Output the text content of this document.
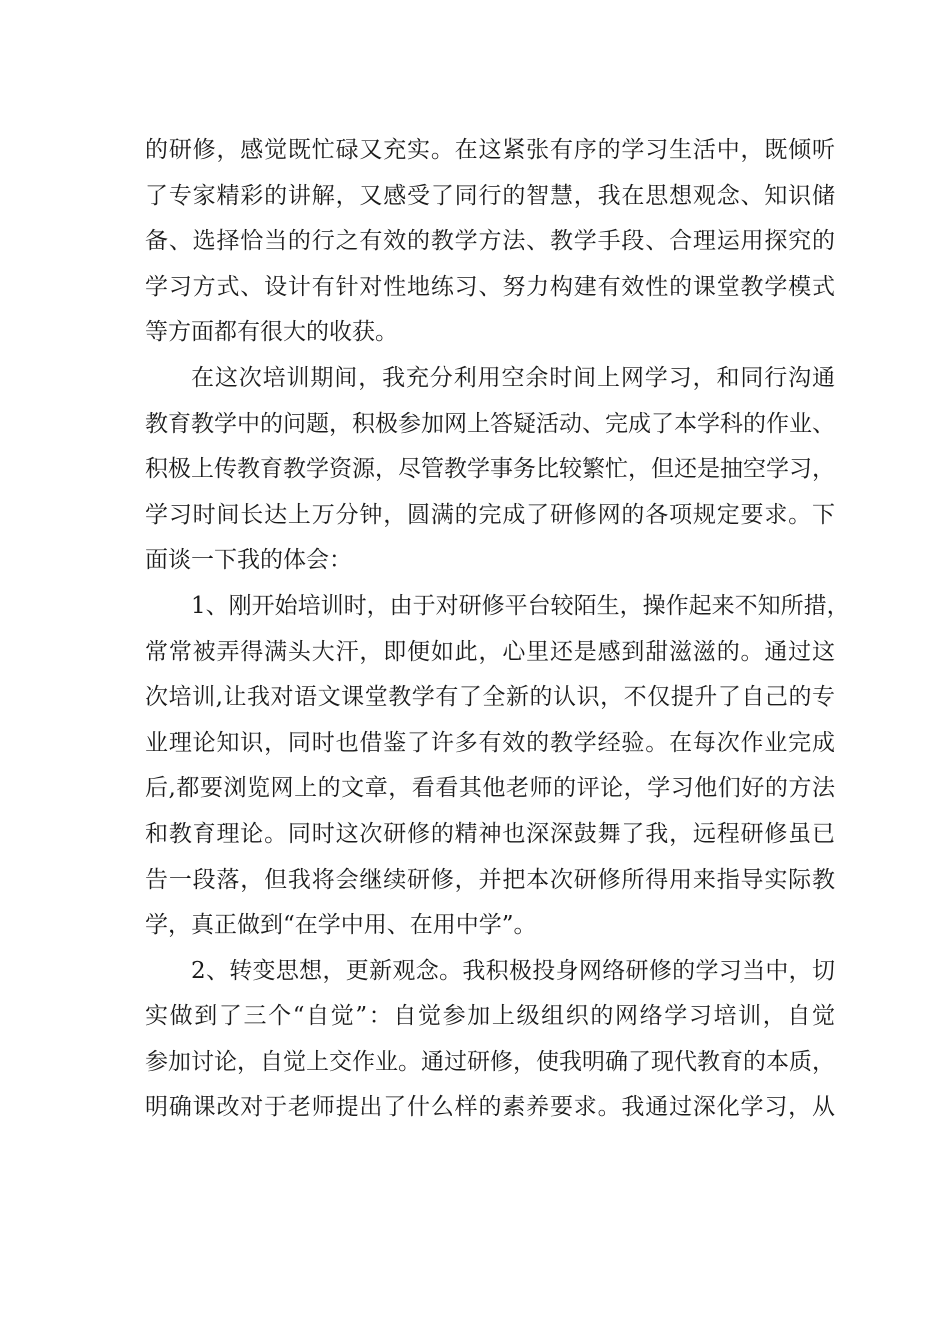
的研修，感觉既忙碌又充实。在这紧张有序的学习生活中，既倾听
了专家精彩的讲解，又感受了同行的智慧，我在思想观念、知识储
备、选择恰当的行之有效的教学方法、教学手段、合理运用探究的
学习方式、设计有针对性地练习、努力构建有效性的课堂教学模式
等方面都有很大的收获。
在这次培训期间，我充分利用空余时间上网学习，和同行沟通
教育教学中的问题，积极参加网上答疑活动、完成了本学科的作业、
积极上传教育教学资源，尽管教学事务比较繁忙，但还是抽空学习，
学习时间长达上万分钟，圆满的完成了研修网的各项规定要求。下
面谈一下我的体会：
1、刚开始培训时，由于对研修平台较陌生，操作起来不知所措，
常常被弄得满头大汗，即便如此，心里还是感到甜滋滋的。通过这
次培训,让我对语文课堂教学有了全新的认识，不仅提升了自己的专
业理论知识，同时也借鉴了许多有效的教学经验。在每次作业完成
后,都要浏览网上的文章，看看其他老师的评论，学习他们好的方法
和教育理论。同时这次研修的精神也深深鼓舞了我，远程研修虽已
告一段落，但我将会继续研修，并把本次研修所得用来指导实际教
学，真正做到“在学中用、在用中学”。
2、转变思想，更新观念。我积极投身网络研修的学习当中，切
实做到了三个“自觉”：自觉参加上级组织的网络学习培训，自觉
参加讨论，自觉上交作业。通过研修，使我明确了现代教育的本质，
明确课改对于老师提出了什么样的素养要求。我通过深化学习，从
